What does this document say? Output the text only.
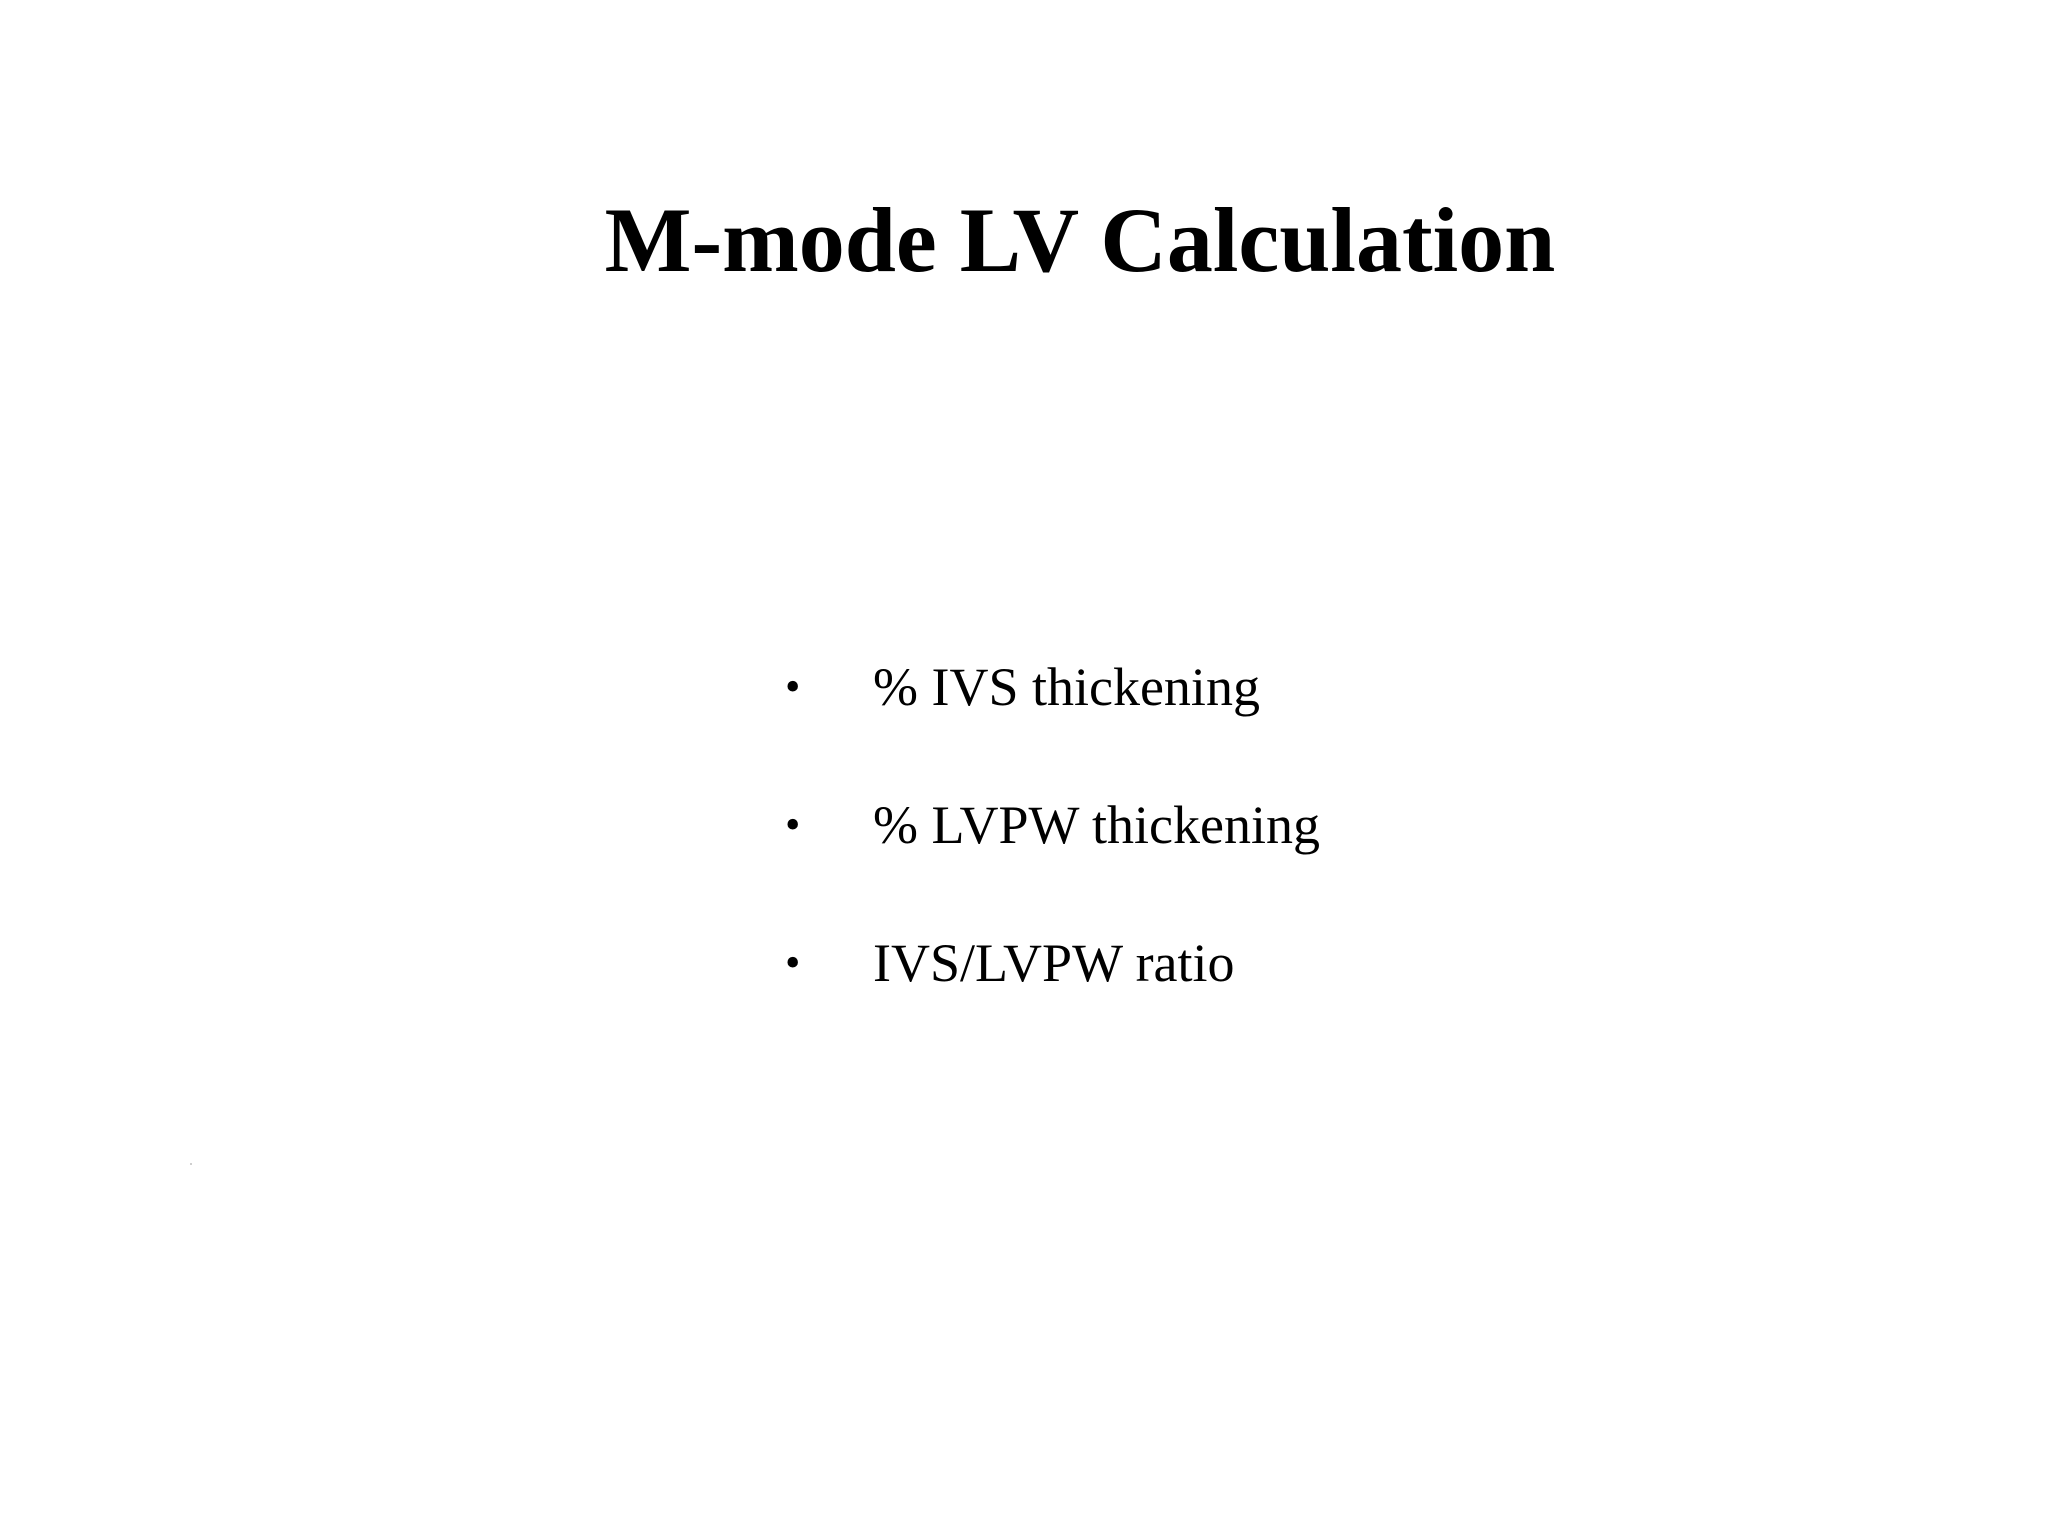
M-mode LV Calculation
•	% IVS thickening
•	% LVPW thickening
•	IVS/LVPW ratio
